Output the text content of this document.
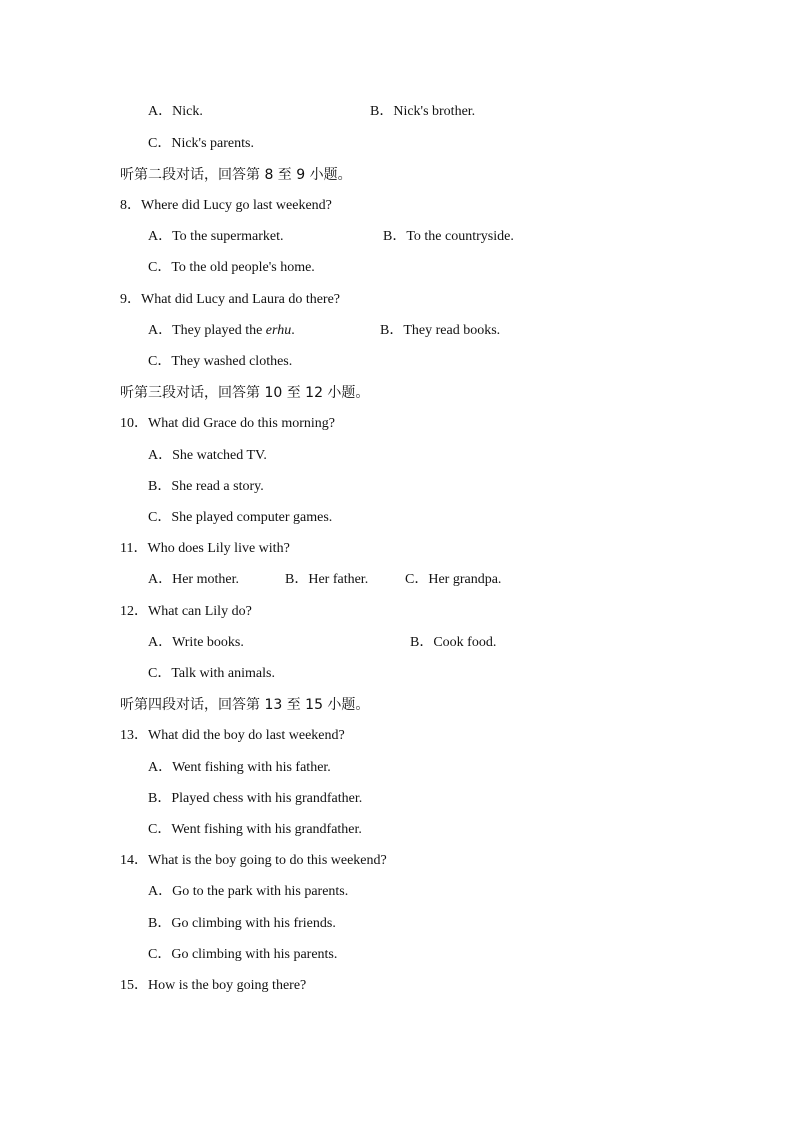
A．Nick.	B．Nick's brother.
C．Nick's parents.
听第二段对话，回答第 8 至 9 小题。
8．Where did Lucy go last weekend?
A．To the supermarket.	B．To the countryside.
C．To the old people's home.
9．What did Lucy and Laura do there?
A．They played the erhu.	B．They read books.
C．They washed clothes.
听第三段对话，回答第 10 至 12 小题。
10．What did Grace do this morning?
A．She watched TV.
B．She read a story.
C．She played computer games.
11．Who does Lily live with?
A．Her mother.	B．Her father.	C．Her grandpa.
12．What can Lily do?
A．Write books.	B．Cook food.
C．Talk with animals.
听第四段对话，回答第 13 至 15 小题。
13．What did the boy do last weekend?
A．Went fishing with his father.
B．Played chess with his grandfather.
C．Went fishing with his grandfather.
14．What is the boy going to do this weekend?
A．Go to the park with his parents.
B．Go climbing with his friends.
C．Go climbing with his parents.
15．How is the boy going there?
